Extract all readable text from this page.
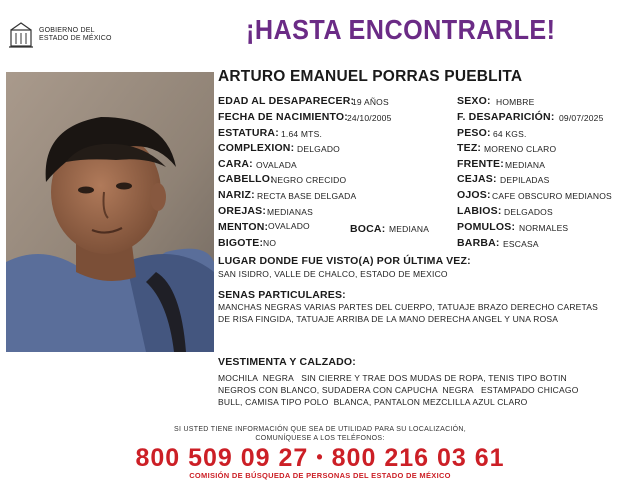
GOBIERNO DEL
ESTADO DE MÉXICO	¡HASTA ENCONTRARLE!
ARTURO EMANUEL PORRAS PUEBLITA
EDAD AL DESAPARECER:
19 AÑOS
FECHA DE NACIMIENTO: 24/10/2005
ESTATURA: 1.64 MTS.
COMPLEXION: DELGADO
CARA: OVALADA
CABELLO:
NEGRO CRECIDO
NARIZ: RECTA BASE DELGADA
OREJAS: MEDIANAS
MENTON: OVALADO	BOCA: MEDIANA
BIGOTE: NO
SEXO: HOMBRE
F. DESAPARICIÓN: 09/07/2025
PESO: 64 KGS.
TEZ: MORENO CLARO
FRENTE: MEDIANA
CEJAS: DEPILADAS
OJOS: CAFE OBSCURO MEDIANOS
LABIOS: DELGADOS
POMULOS: NORMALES
BARBA: ESCASA
LUGAR DONDE FUE VISTO(A) POR ÚLTIMA VEZ:
SAN ISIDRO, VALLE DE CHALCO, ESTADO DE MEXICO
SENAS PARTICULARES:
MANCHAS NEGRAS VARIAS PARTES DEL CUERPO, TATUAJE BRAZO DERECHO CARETAS
DE RISA FINGIDA, TATUAJE ARRIBA DE LA MANO DERECHA ANGEL Y UNA ROSA
VESTIMENTA Y CALZADO:
MOCHILA  NEGRA   SIN CIERRE Y TRAE DOS MUDAS DE ROPA, TENIS TIPO BOTIN
NEGROS CON BLANCO, SUDADERA CON CAPUCHA  NEGRA   ESTAMPADO CHICAGO
BULL, CAMISA TIPO POLO  BLANCA, PANTALON MEZCLILLA AZUL CLARO
SI USTED TIENE INFORMACIÓN QUE SEA DE UTILIDAD PARA SU LOCALIZACIÓN,
COMUNÍQUESE A LOS TELÉFONOS:
800 509 09 27 • 800 216 03 61
COMISIÓN DE BÚSQUEDA DE PERSONAS DEL ESTADO DE MÉXICO
